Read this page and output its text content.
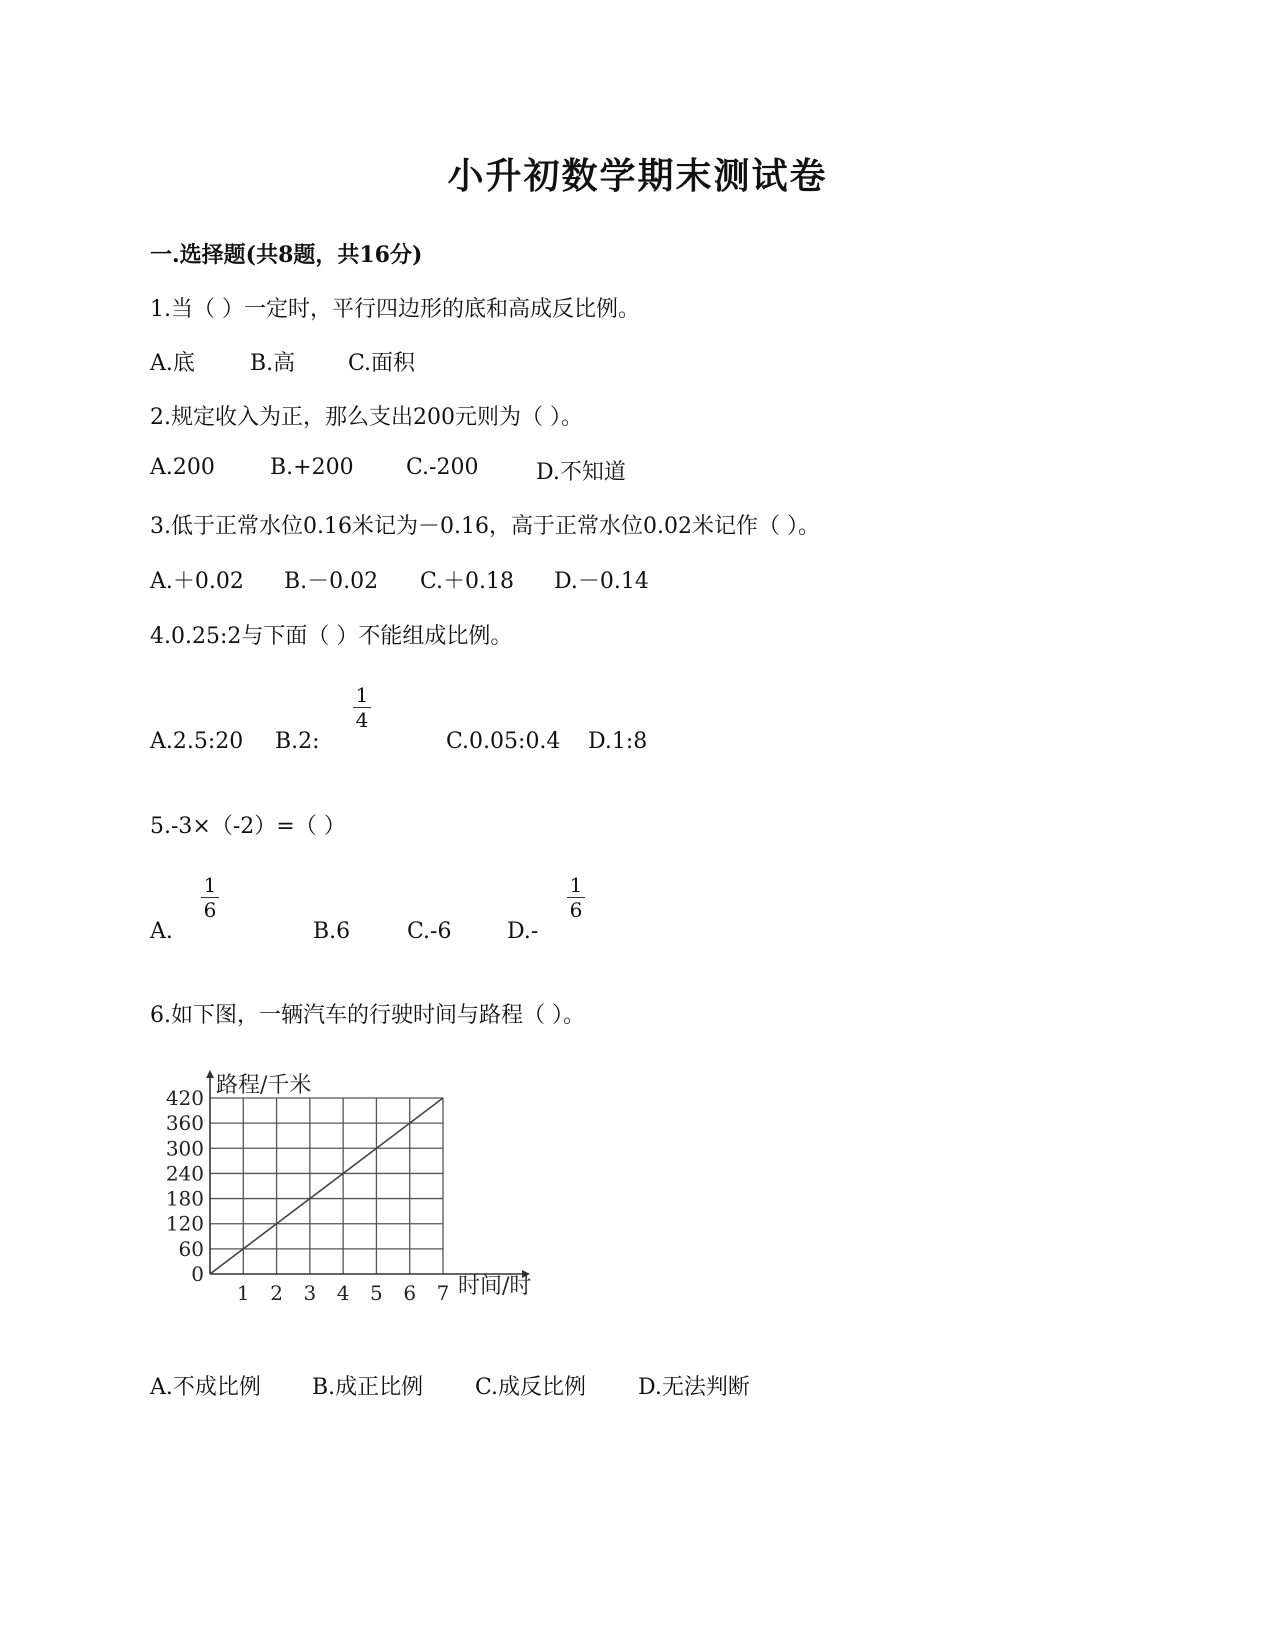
小升初数学期末测试卷
一.选择题(共8题，共16分)
1.当（ ）一定时，平行四边形的底和高成反比例。
A.底	B.高 C.面积
2.规定收入为正，那么支出200元则为（ ）。
A.200	B.+200 C.-200	D.不知道
3.低于正常水位0.16米记为－0.16，高于正常水位0.02米记作（ ）。
A.＋0.02 B.－0.02 C.＋0.18 D.－0.14
4.0.25:2与下面（ ）不能组成比例。
A.2.5:20 B.2:	C.0.05:0.4 D.1:8
1
4
5.-3×（-2）=（ ）
A.	B.6	C.-6	D.-
1
6
1
6
6.如下图，一辆汽车的行驶时间与路程（ ）。
0
60
120
180
240
300
360
420
1 2 3 4 5 6 7
路程/千米
时间/时
A.不成比例 B.成正比例 C.成反比例 D.无法判断
